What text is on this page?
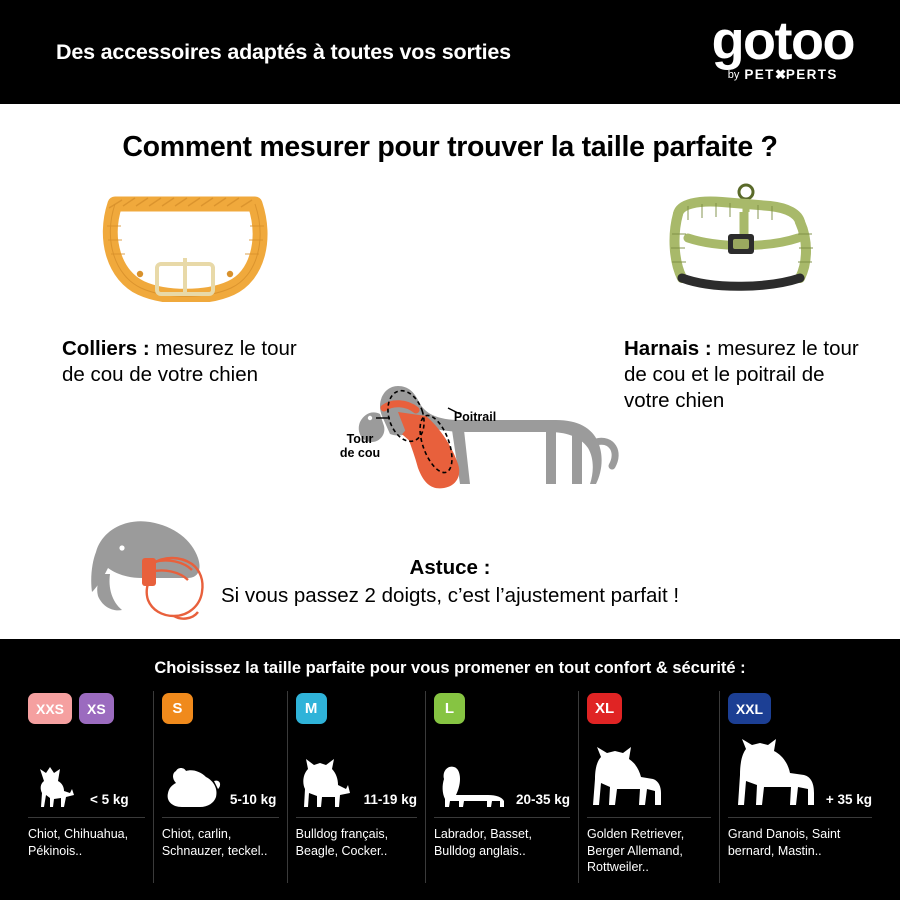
Des accessoires adaptés à toutes vos sorties	gotoo
by PET✖PERTS
Comment mesurer pour trouver la taille parfaite ?
Colliers : mesurez le tour de cou de votre chien
Harnais : mesurez le tour de cou et le poitrail de votre chien
Tour
de cou
Poitrail
Astuce :
Si vous passez 2 doigts, c’est l’ajustement parfait !
Choisissez la taille parfaite pour vous promener en tout confort & sécurité :
XXS	XS
< 5 kg
Chiot, Chihuahua, Pékinois..
S
5-10 kg
Chiot, carlin, Schnauzer, teckel..
M
11-19 kg
Bulldog français, Beagle, Cocker..
L
20-35 kg
Labrador, Basset, Bulldog anglais..
XL
Golden Retriever, Berger Allemand, Rottweiler..
XXL
+ 35 kg
Grand Danois, Saint bernard, Mastin..
